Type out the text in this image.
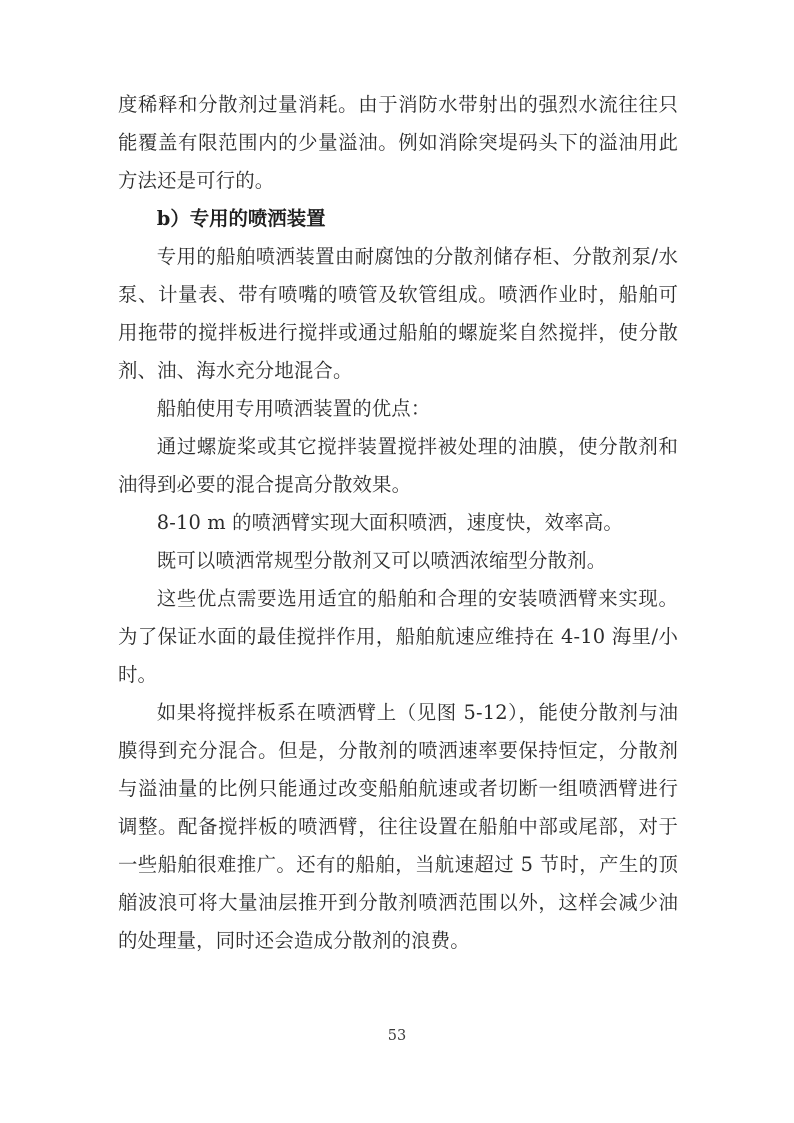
度稀释和分散剂过量消耗。由于消防水带射出的强烈水流往往只能覆盖有限范围内的少量溢油。例如消除突堤码头下的溢油用此方法还是可行的。

b）专用的喷洒装置

专用的船舶喷洒装置由耐腐蚀的分散剂储存柜、分散剂泵/水泵、计量表、带有喷嘴的喷管及软管组成。喷洒作业时，船舶可用拖带的搅拌板进行搅拌或通过船舶的螺旋桨自然搅拌，使分散剂、油、海水充分地混合。

船舶使用专用喷洒装置的优点：

通过螺旋桨或其它搅拌装置搅拌被处理的油膜，使分散剂和油得到必要的混合提高分散效果。

8-10 m 的喷洒臂实现大面积喷洒，速度快，效率高。

既可以喷洒常规型分散剂又可以喷洒浓缩型分散剂。

这些优点需要选用适宜的船舶和合理的安装喷洒臂来实现。为了保证水面的最佳搅拌作用，船舶航速应维持在 4-10 海里/小时。

如果将搅拌板系在喷洒臂上（见图 5-12），能使分散剂与油膜得到充分混合。但是，分散剂的喷洒速率要保持恒定，分散剂与溢油量的比例只能通过改变船舶航速或者切断一组喷洒臂进行调整。配备搅拌板的喷洒臂，往往设置在船舶中部或尾部，对于一些船舶很难推广。还有的船舶，当航速超过 5 节时，产生的顶艏波浪可将大量油层推开到分散剂喷洒范围以外，这样会减少油的处理量，同时还会造成分散剂的浪费。

53
